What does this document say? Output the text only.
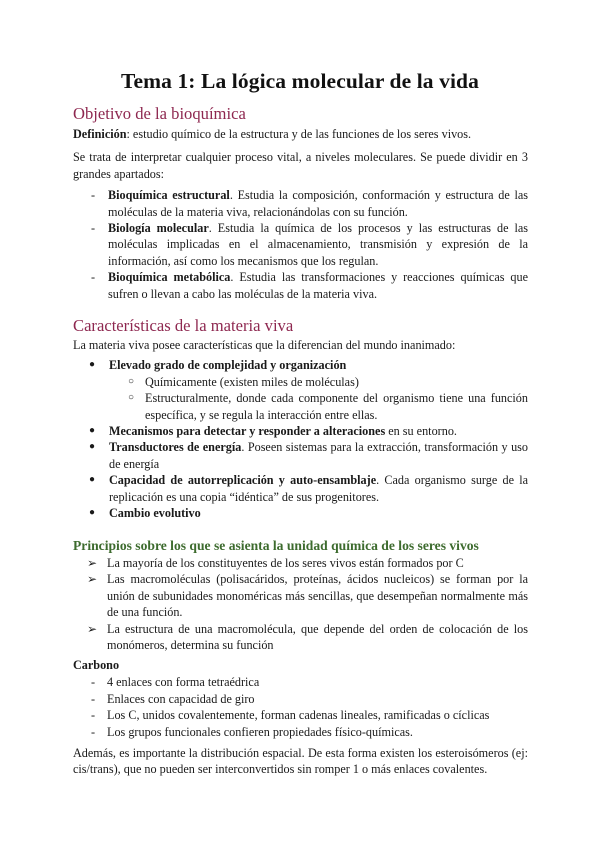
Tema 1: La lógica molecular de la vida
Objetivo de la bioquímica

Definición: estudio químico de la estructura y de las funciones de los seres vivos.

Se trata de interpretar cualquier proceso vital, a niveles moleculares. Se puede dividir en 3 grandes apartados:

- Bioquímica estructural. Estudia la composición, conformación y estructura de las moléculas de la materia viva, relacionándolas con su función.
- Biología molecular. Estudia la química de los procesos y las estructuras de las moléculas implicadas en el almacenamiento, transmisión y expresión de la información, así como los mecanismos que los regulan.
- Bioquímica metabólica. Estudia las transformaciones y reacciones químicas que sufren o llevan a cabo las moléculas de la materia viva.
Características de la materia viva

La materia viva posee características que la diferencian del mundo inanimado:

● Elevado grado de complejidad y organización
○ Químicamente (existen miles de moléculas)
○ Estructuralmente, donde cada componente del organismo tiene una función específica, y se regula la interacción entre ellas.
● Mecanismos para detectar y responder a alteraciones en su entorno.
● Transductores de energía. Poseen sistemas para la extracción, transformación y uso de energía
● Capacidad de autorreplicación y auto-ensamblaje. Cada organismo surge de la replicación es una copia “idéntica” de sus progenitores.
● Cambio evolutivo
Principios sobre los que se asienta la unidad química de los seres vivos
➢ La mayoría de los constituyentes de los seres vivos están formados por C
➢ Las macromoléculas (polisacáridos, proteínas, ácidos nucleicos) se forman por la unión de subunidades monoméricas más sencillas, que desempeñan normalmente más de una función.
➢ La estructura de una macromolécula, que depende del orden de colocación de los monómeros, determina su función

Carbono

- 4 enlaces con forma tetraédrica
- Enlaces con capacidad de giro
- Los C, unidos covalentemente, forman cadenas lineales, ramificadas o cíclicas
- Los grupos funcionales confieren propiedades físico-químicas.

Además, es importante la distribución espacial. De esta forma existen los esteroisómeros (ej: cis/trans), que no pueden ser interconvertidos sin romper 1 o más enlaces covalentes.
